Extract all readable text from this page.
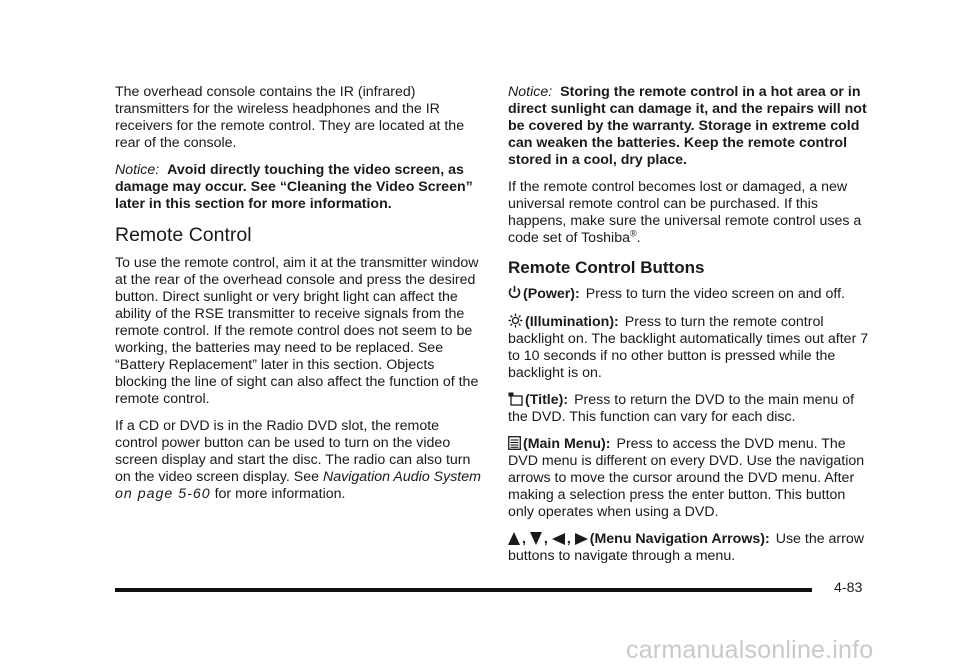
The overhead console contains the IR (infrared) transmitters for the wireless headphones and the IR receivers for the remote control. They are located at the rear of the console.

Notice: Avoid directly touching the video screen, as damage may occur. See “Cleaning the Video Screen” later in this section for more information.

Remote Control

To use the remote control, aim it at the transmitter window at the rear of the overhead console and press the desired button. Direct sunlight or very bright light can affect the ability of the RSE transmitter to receive signals from the remote control. If the remote control does not seem to be working, the batteries may need to be replaced. See “Battery Replacement” later in this section. Objects blocking the line of sight can also affect the function of the remote control.

If a CD or DVD is in the Radio DVD slot, the remote control power button can be used to turn on the video screen display and start the disc. The radio can also turn on the video screen display. See Navigation Audio System on page 5‑60 for more information.

Notice: Storing the remote control in a hot area or in direct sunlight can damage it, and the repairs will not be covered by the warranty. Storage in extreme cold can weaken the batteries. Keep the remote control stored in a cool, dry place.

If the remote control becomes lost or damaged, a new universal remote control can be purchased. If this happens, make sure the universal remote control uses a code set of Toshiba®.

Remote Control Buttons

(Power): Press to turn the video screen on and off.

(Illumination): Press to turn the remote control backlight on. The backlight automatically times out after 7 to 10 seconds if no other button is pressed while the backlight is on.

(Title): Press to return the DVD to the main menu of the DVD. This function can vary for each disc.

(Main Menu): Press to access the DVD menu. The DVD menu is different on every DVD. Use the navigation arrows to move the cursor around the DVD menu. After making a selection press the enter button. This button only operates when using a DVD.

, , , (Menu Navigation Arrows): Use the arrow buttons to navigate through a menu.

4-83
carmanualsonline.info
